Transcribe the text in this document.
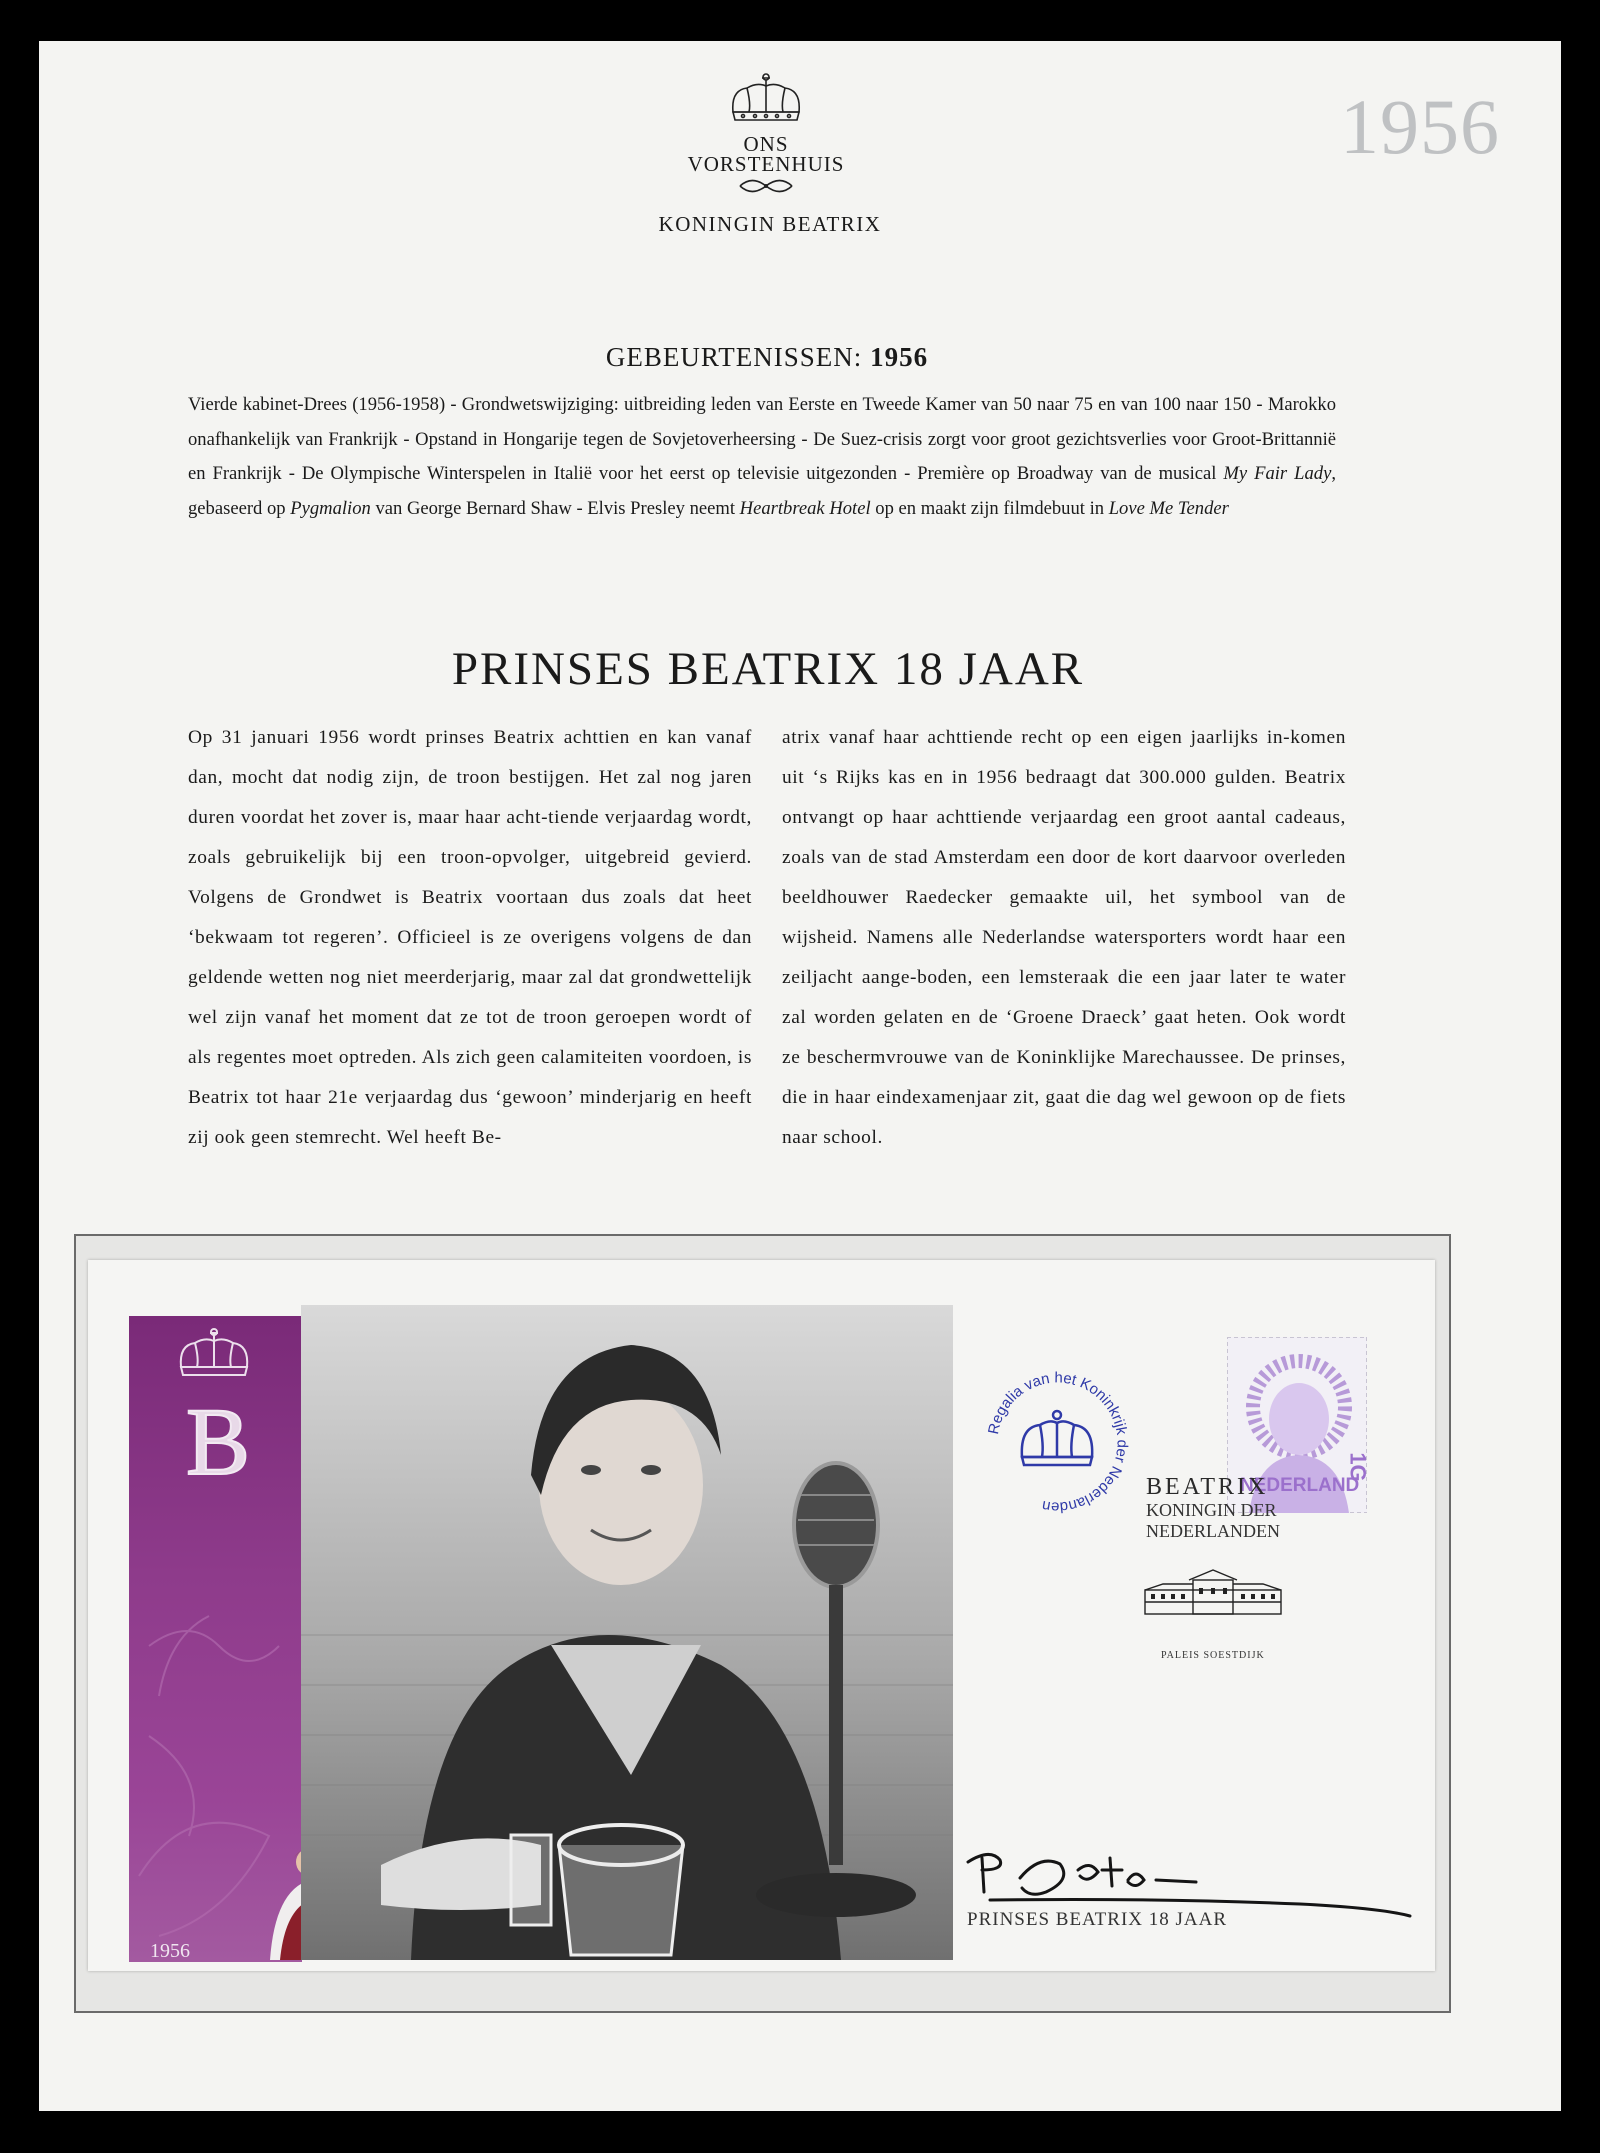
ONS
VORSTENHUIS
KONINGIN BEATRIX
1956
GEBEURTENISSEN: 1956
Vierde kabinet-Drees (1956-1958) - Grondwetswijziging: uitbreiding leden van Eerste en Tweede Kamer van 50 naar 75 en van 100 naar 150 - Marokko onafhankelijk van Frankrijk - Opstand in Hongarije tegen de Sovjetoverheersing - De Suez-crisis zorgt voor groot gezichtsverlies voor Groot-Brittannië en Frankrijk - De Olympische Winterspelen in Italië voor het eerst op televisie uitgezonden - Première op Broadway van de musical My Fair Lady, gebaseerd op Pygmalion van George Bernard Shaw - Elvis Presley neemt Heartbreak Hotel op en maakt zijn filmdebuut in Love Me Tender
PRINSES BEATRIX 18 JAAR
Op 31 januari 1956 wordt prinses Beatrix achttien en kan vanaf dan, mocht dat nodig zijn, de troon bestijgen. Het zal nog jaren duren voordat het zover is, maar haar acht-tiende verjaardag wordt, zoals gebruikelijk bij een troon-opvolger, uitgebreid gevierd. Volgens de Grondwet is Beatrix voortaan dus zoals dat heet ‘bekwaam tot regeren’. Officieel is ze overigens volgens de dan geldende wetten nog niet meerderjarig, maar zal dat grondwettelijk wel zijn vanaf het moment dat ze tot de troon geroepen wordt of als regentes moet optreden. Als zich geen calamiteiten voordoen, is Beatrix tot haar 21e verjaardag dus ‘gewoon’ minderjarig en heeft zij ook geen stemrecht. Wel heeft Be-
atrix vanaf haar achttiende recht op een eigen jaarlijks in-komen uit ‘s Rijks kas en in 1956 bedraagt dat 300.000 gulden. Beatrix ontvangt op haar achttiende verjaardag een groot aantal cadeaus, zoals van de stad Amsterdam een door de kort daarvoor overleden beeldhouwer Raedecker gemaakte uil, het symbool van de wijsheid. Namens alle Nederlandse watersporters wordt haar een zeiljacht aange-boden, een lemsteraak die een jaar later te water zal worden gelaten en de ‘Groene Draeck’ gaat heten. Ook wordt ze beschermvrouwe van de Koninklijke Marechaussee. De prinses, die in haar eindexamenjaar zit, gaat die dag wel gewoon op de fiets naar school.
B
1956
Regalia van het Koninkrijk der Nederlanden
NEDERLAND
1G
BEATRIX
KONINGIN DER
NEDERLANDEN
PALEIS SOESTDIJK
PRINSES BEATRIX 18 JAAR
